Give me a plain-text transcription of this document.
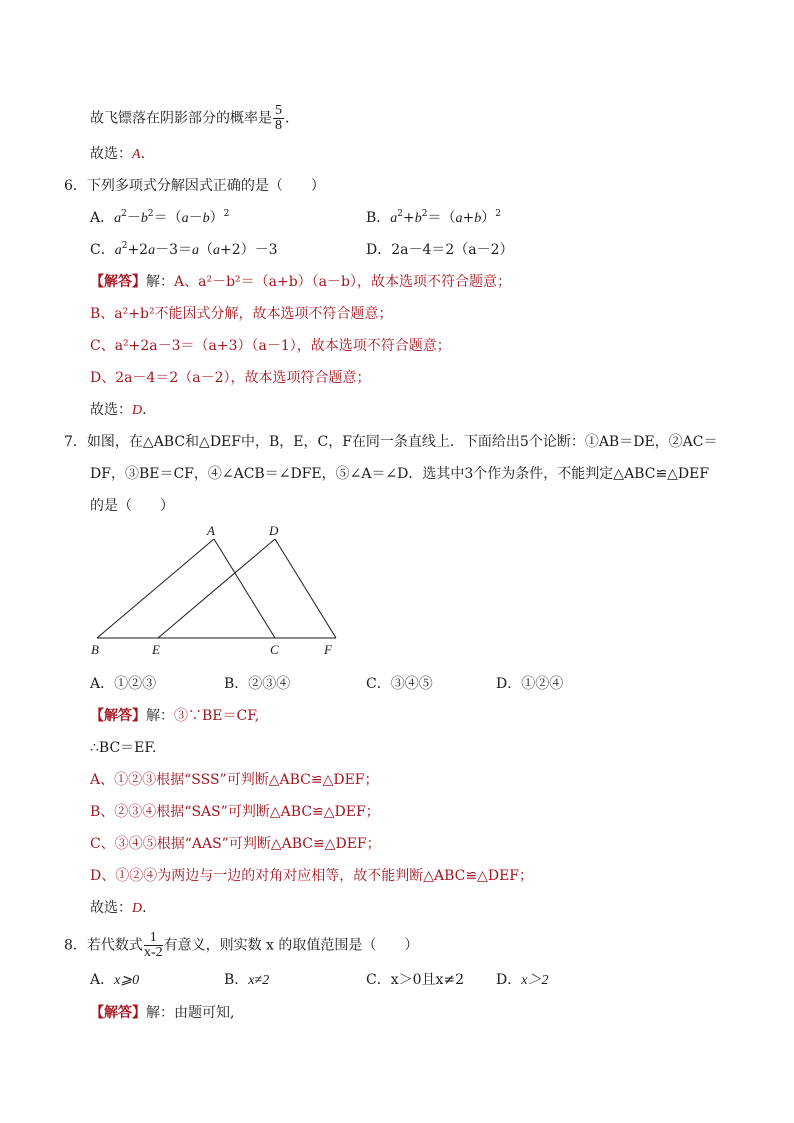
故飞镖落在阴影部分的概率是 $\frac{5}{8}$ .
故选：A.
6．下列多项式分解因式正确的是（　　）
A．$a^2-b^2=(a-b)^2$	B．$a^2+b^2=(a+b)^2$
C．$a^2+2a-3=a(a+2)-3$	D．2a－4＝2（a－2）
【解答】解：A、a²－b²＝（a+b）（a－b），故本选项不符合题意；
B、a²+b²不能因式分解，故本选项不符合题意；
C、a²+2a－3＝（a+3）（a－1），故本选项不符合题意；
D、2a－4＝2（a－2），故本选项符合题意；
故选：D.
7．如图，在△ABC和△DEF中，B，E，C，F在同一条直线上．下面给出5个论断：①AB＝DE，②AC＝
DF，③BE＝CF，④∠ACB＝∠DFE，⑤∠A＝∠D．选其中3个作为条件，不能判定△ABC≌△DEF
的是（　　）
A	D
B	E	C	F
A．①②③	B．②③④	C．③④⑤	D．①②④
【解答】解：③∵BE＝CF,
∴BC＝EF.
A、①②③根据“SSS”可判断△ABC≌△DEF；
B、②③④根据“SAS”可判断△ABC≌△DEF；
C、③④⑤根据“AAS”可判断△ABC≌△DEF；
D、①②④为两边与一边的对角对应相等，故不能判断△ABC≌△DEF；
故选：D.
8．若代数式 $\frac{1}{x-2}$ 有意义，则实数 x 的取值范围是（　　）
A．x⩾0	B．x≠2	C．x＞0且x≠2 D．x＞2
【解答】解：由题可知,
